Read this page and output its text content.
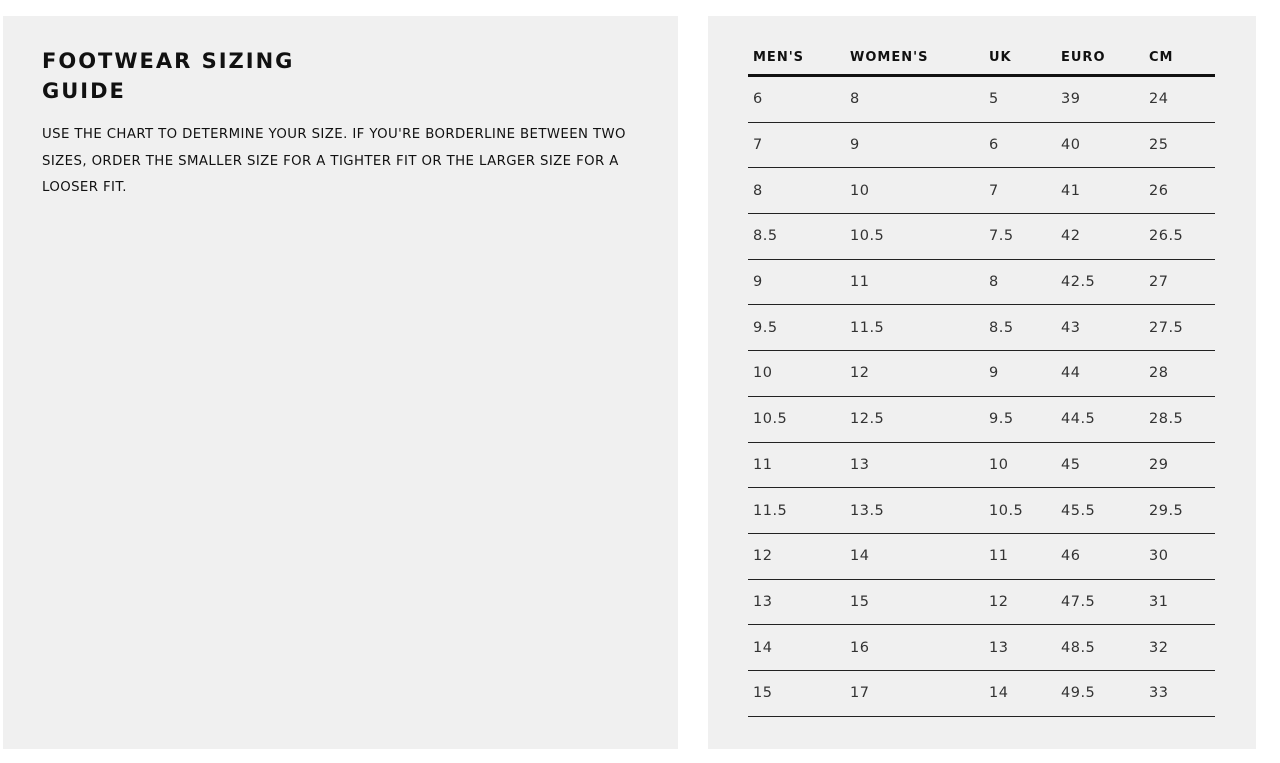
FOOTWEAR SIZING
GUIDE

USE THE CHART TO DETERMINE YOUR SIZE. IF YOU'RE BORDERLINE BETWEEN TWO SIZES, ORDER THE SMALLER SIZE FOR A TIGHTER FIT OR THE LARGER SIZE FOR A LOOSER FIT.

MEN'S	WOMEN'S	UK	EURO	CM
6	8	5	39	24
7	9	6	40	25
8	10	7	41	26
8.5	10.5	7.5	42	26.5
9	11	8	42.5	27
9.5	11.5	8.5	43	27.5
10	12	9	44	28
10.5	12.5	9.5	44.5	28.5
11	13	10	45	29
11.5	13.5	10.5	45.5	29.5
12	14	11	46	30
13	15	12	47.5	31
14	16	13	48.5	32
15	17	14	49.5	33
